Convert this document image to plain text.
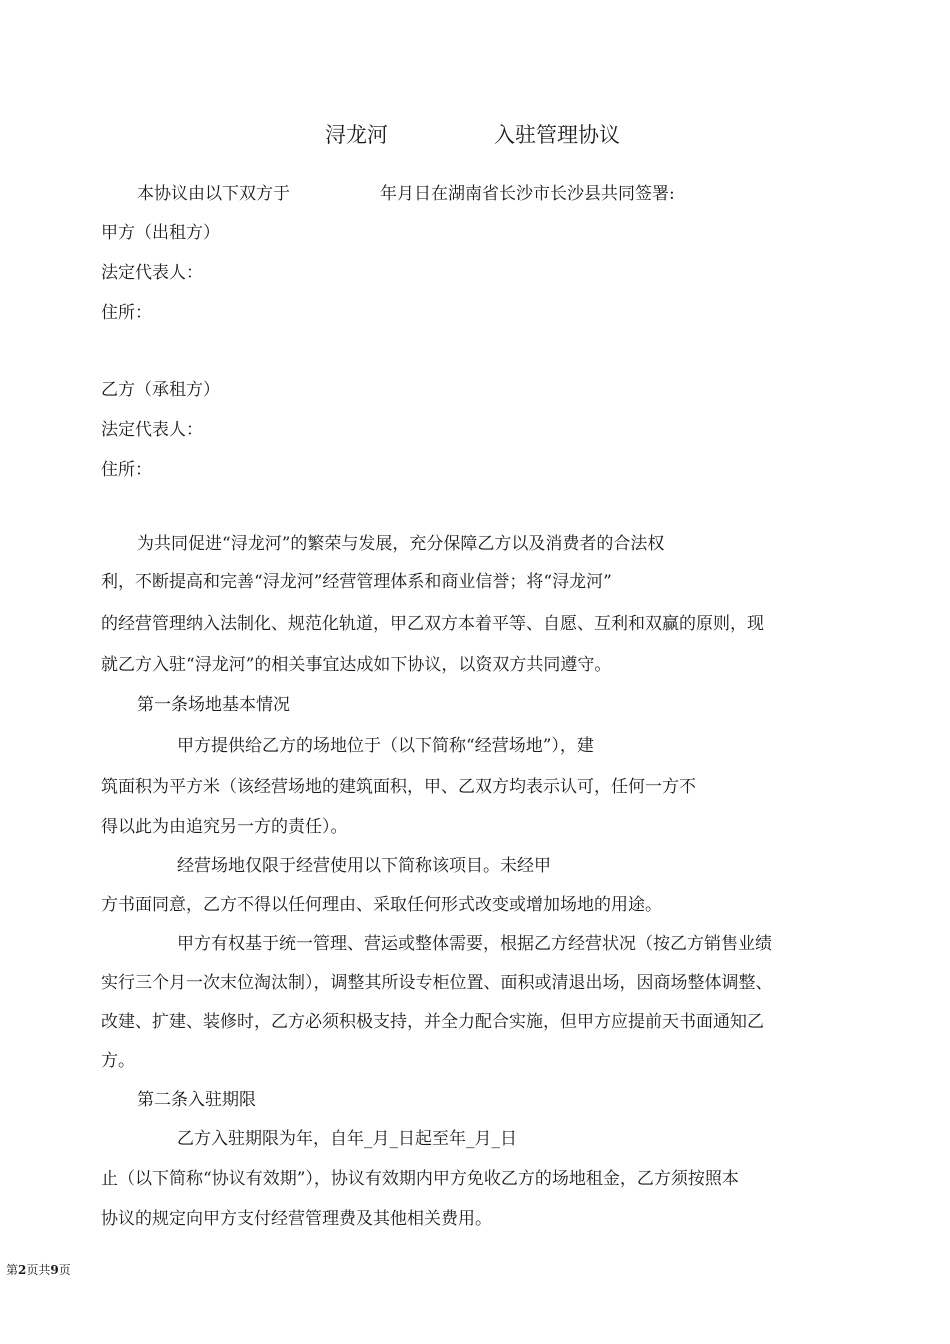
浔龙河	入驻管理协议
本协议由以下双方于	年月日在湖南省长沙市长沙县共同签署:
甲方（出租方）
法定代表人：
住所：
乙方（承租方）
法定代表人：
住所：
为共同促进“浔龙河”的繁荣与发展，充分保障乙方以及消费者的合法权
利，不断提高和完善“浔龙河”经营管理体系和商业信誉；将“浔龙河”
的经营管理纳入法制化、规范化轨道，甲乙双方本着平等、自愿、互利和双赢的原则，现
就乙方入驻“浔龙河”的相关事宜达成如下协议，以资双方共同遵守。
第一条场地基本情况
甲方提供给乙方的场地位于（以下简称“经营场地”），建
筑面积为平方米（该经营场地的建筑面积，甲、乙双方均表示认可，任何一方不
得以此为由追究另一方的责任）。
经营场地仅限于经营使用以下简称该项目。未经甲
方书面同意，乙方不得以任何理由、采取任何形式改变或增加场地的用途。
甲方有权基于统一管理、营运或整体需要，根据乙方经营状况（按乙方销售业绩
实行三个月一次末位淘汰制），调整其所设专柜位置、面积或清退出场，因商场整体调整、
改建、扩建、装修时，乙方必须积极支持，并全力配合实施，但甲方应提前天书面通知乙
方。
第二条入驻期限
乙方入驻期限为年，自年_月_日起至年_月_日
止（以下简称“协议有效期”），协议有效期内甲方免收乙方的场地租金，乙方须按照本
协议的规定向甲方支付经营管理费及其他相关费用。
第2页共9页
